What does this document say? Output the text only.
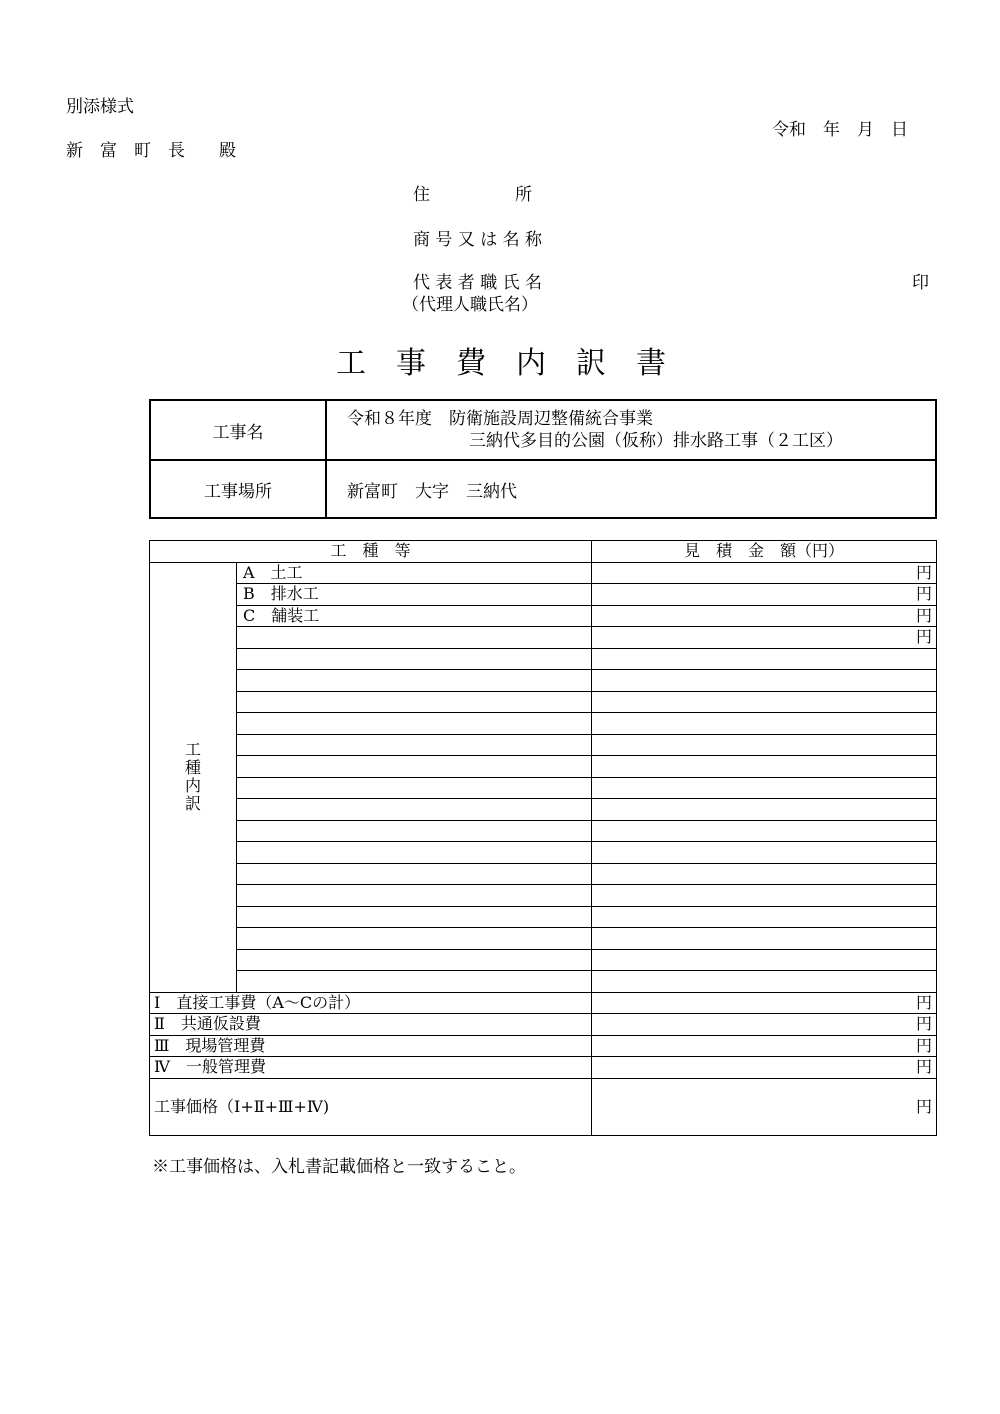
別添様式
新　富　町　長　　殿
令和　年　月　日
住　　　　　所
商 号 又 は 名 称
代 表 者 職 氏 名
（代理人職氏名）
印
工　事　費　内　訳　書
工事名	令和８年度　防衛施設周辺整備統合事業
三納代多目的公園（仮称）排水路工事（２工区）

工事場所	新富町　大字　三納代
工　種　等		見　積　金　額（円）

工
種
内
訳	A　土工	円
	B　排水工	円
	C　舗装工	円
		円

Ⅰ　直接工事費（A～Cの計）		円
Ⅱ　共通仮設費		円
Ⅲ　現場管理費		円
Ⅳ　一般管理費		円
工事価格（Ⅰ+Ⅱ+Ⅲ+Ⅳ)		円
※工事価格は、入札書記載価格と一致すること。
